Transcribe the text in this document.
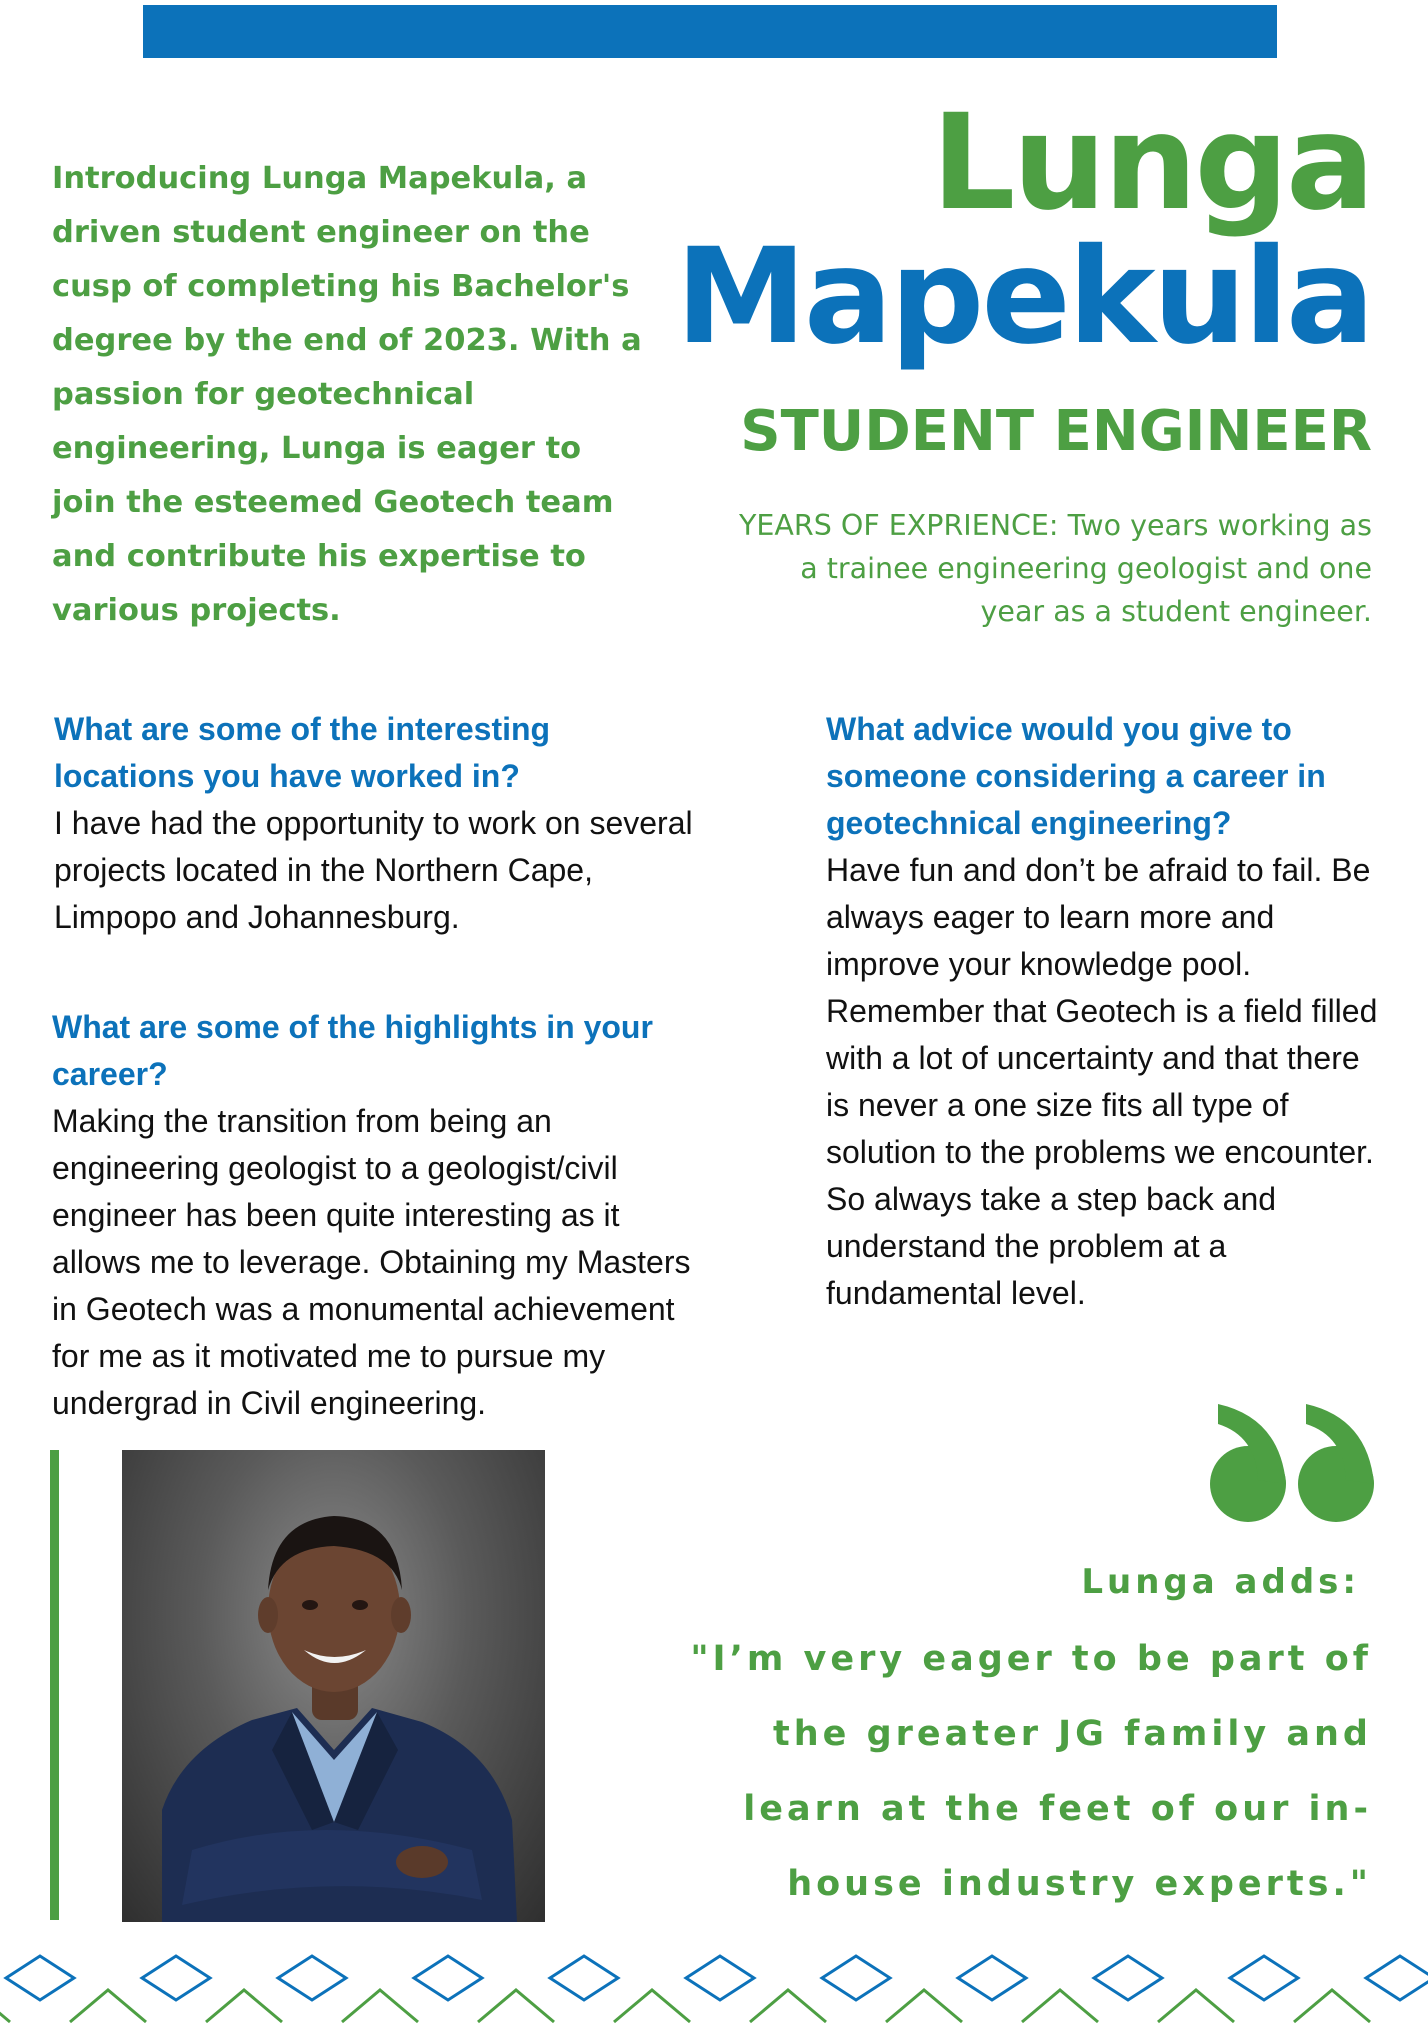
Introducing Lunga Mapekula, a driven student engineer on the cusp of completing his Bachelor's degree by the end of 2023. With a passion for geotechnical engineering, Lunga is eager to join the esteemed Geotech team and contribute his expertise to various projects.

Lunga
Mapekula
STUDENT ENGINEER

YEARS OF EXPRIENCE: Two years working as a trainee engineering geologist and one year as a student engineer.

What are some of the interesting locations you have worked in?

I have had the opportunity to work on several projects located in the Northern Cape, Limpopo and Johannesburg.

What are some of the highlights in your career?

Making the transition from being an engineering geologist to a geologist/civil engineer has been quite interesting as it allows me to leverage. Obtaining my Masters in Geotech was a monumental achievement for me as it motivated me to pursue my undergrad in Civil engineering.

What advice would you give to someone considering a career in geotechnical engineering?

Have fun and don’t be afraid to fail. Be always eager to learn more and improve your knowledge pool. Remember that Geotech is a field filled with a lot of uncertainty and that there is never a one size fits all type of solution to the problems we encounter. So always take a step back and understand the problem at a fundamental level.

Lunga adds:
"I’m very eager to be part of the greater JG family and learn at the feet of our in-house industry experts."
